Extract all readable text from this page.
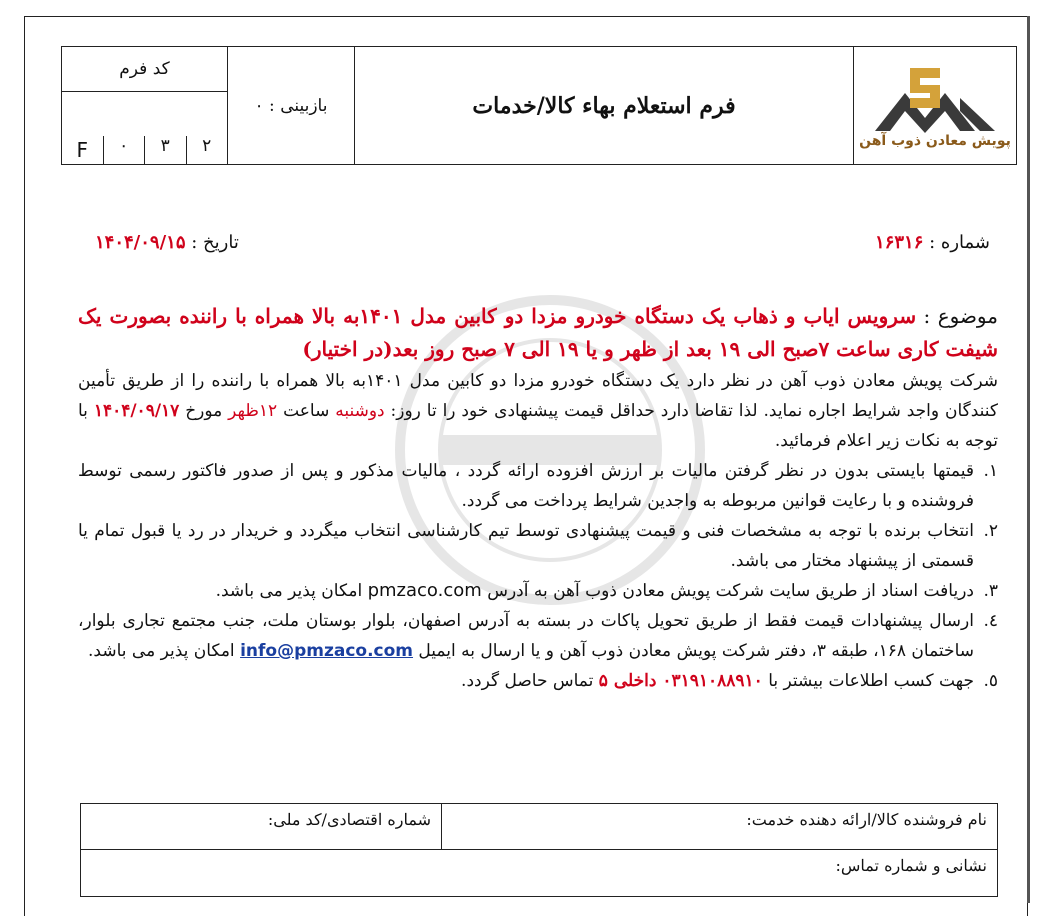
کد فرم
F	۰	۳	۲
	بازبینی : ۰	فرم استعلام بهاء کالا/خدمات	
پویش معادن ذوب آهن
شماره : ۱۶۳۱۶
تاریخ : ۱۴۰۴/۰۹/۱۵

موضوع : سرویس ایاب و ذهاب یک دستگاه خودرو مزدا دو کابین مدل ۱۴۰۱به بالا همراه با راننده بصورت یک شیفت کاری ساعت ۷صبح الی ۱۹ بعد از ظهر و یا ۱۹ الی ۷ صبح روز بعد(در اختیار)

شرکت پویش معادن ذوب آهن در نظر دارد یک دستگاه خودرو مزدا دو کابین مدل ۱۴۰۱به بالا همراه با راننده را از طریق تأمین کنندگان واجد شرایط اجاره نماید. لذا تقاضا دارد حداقل قیمت پیشنهادی خود را تا روز: دوشنبه ساعت ۱۲ظهر مورخ ۱۴۰۴/۰۹/۱۷ با توجه به نکات زیر اعلام فرمائید.

۱.
قیمتها بایستی بدون در نظر گرفتن مالیات بر ارزش افزوده ارائه گردد ، مالیات مذکور و پس از صدور فاکتور رسمی توسط فروشنده و با رعایت قوانین مربوطه به واجدین شرایط پرداخت می گردد.
۲.
انتخاب برنده با توجه به مشخصات فنی و قیمت پیشنهادی توسط تیم کارشناسی انتخاب میگردد و خریدار در رد یا قبول تمام یا قسمتی از پیشنهاد مختار می باشد.
۳.
دریافت اسناد از طریق سایت شرکت پویش معادن ذوب آهن به آدرس pmzaco.com امکان پذیر می باشد.
٤.
ارسال پیشنهادات قیمت فقط از طریق تحویل پاکات در بسته به آدرس اصفهان، بلوار بوستان ملت، جنب مجتمع تجاری بلوار، ساختمان ۱۶۸، طبقه ۳، دفتر شرکت پویش معادن ذوب آهن و یا ارسال به ایمیل info@pmzaco.com امکان پذیر می باشد.
٥.
جهت کسب اطلاعات بیشتر با ۰۳۱۹۱۰۸۸۹۱۰ داخلی ۵ تماس حاصل گردد.
نام فروشنده کالا/ارائه دهنده خدمت:	شماره اقتصادی/کد ملی:
نشانی و شماره تماس:
